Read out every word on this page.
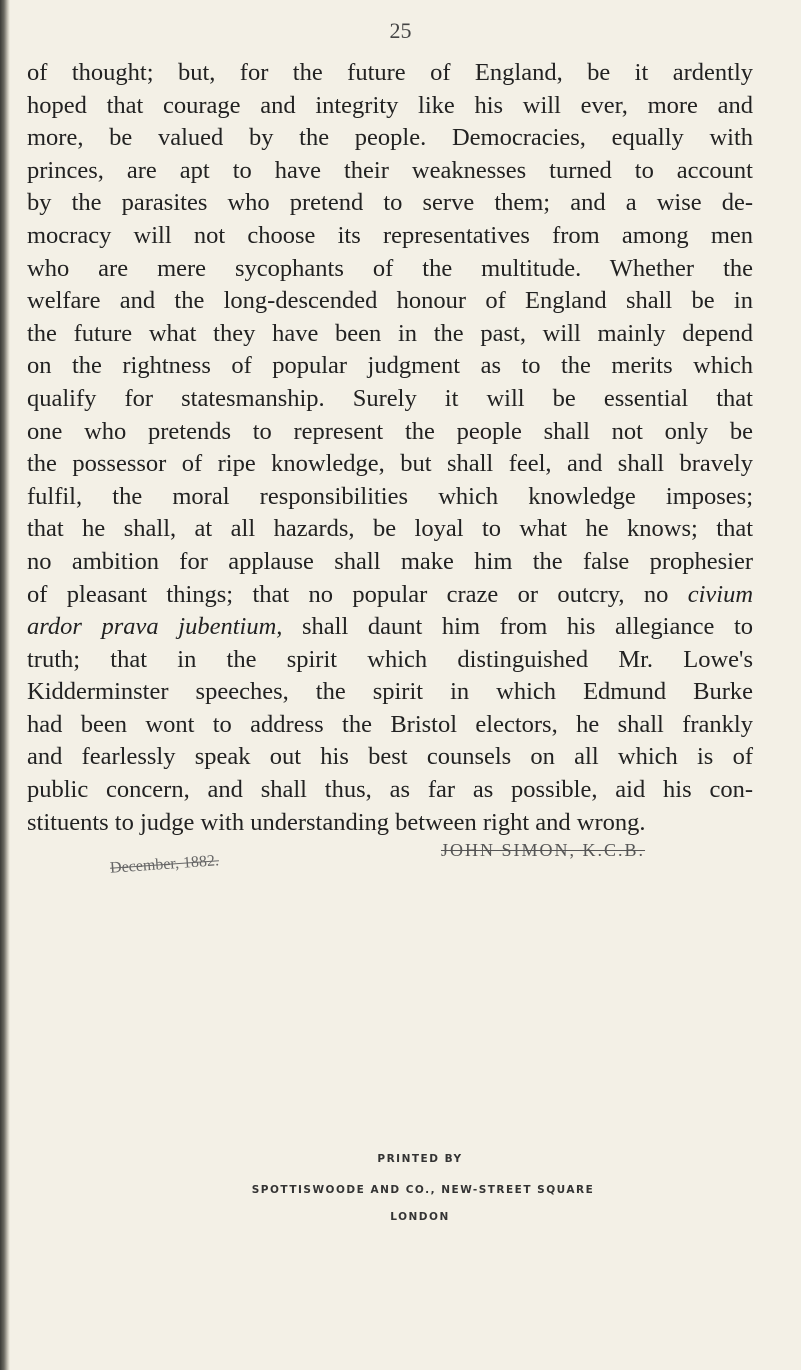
25
of thought; but, for the future of England, be it ardently
hoped that courage and integrity like his will ever, more and
more, be valued by the people. Democracies, equally with
princes, are apt to have their weaknesses turned to account
by the parasites who pretend to serve them; and a wise de-
mocracy will not choose its representatives from among men
who are mere sycophants of the multitude. Whether the
welfare and the long-descended honour of England shall be in
the future what they have been in the past, will mainly depend
on the rightness of popular judgment as to the merits which
qualify for statesmanship. Surely it will be essential that
one who pretends to represent the people shall not only be
the possessor of ripe knowledge, but shall feel, and shall bravely
fulfil, the moral responsibilities which knowledge imposes;
that he shall, at all hazards, be loyal to what he knows; that
no ambition for applause shall make him the false prophesier
of pleasant things; that no popular craze or outcry, no civium
ardor prava jubentium, shall daunt him from his allegiance to
truth; that in the spirit which distinguished Mr. Lowe's
Kidderminster speeches, the spirit in which Edmund Burke
had been wont to address the Bristol electors, he shall frankly
and fearlessly speak out his best counsels on all which is of
public concern, and shall thus, as far as possible, aid his con-
stituents to judge with understanding between right and wrong.
December, 1882.
JOHN SIMON, K.C.B.
PRINTED BY
SPOTTISWOODE AND CO., NEW-STREET SQUARE
LONDON
